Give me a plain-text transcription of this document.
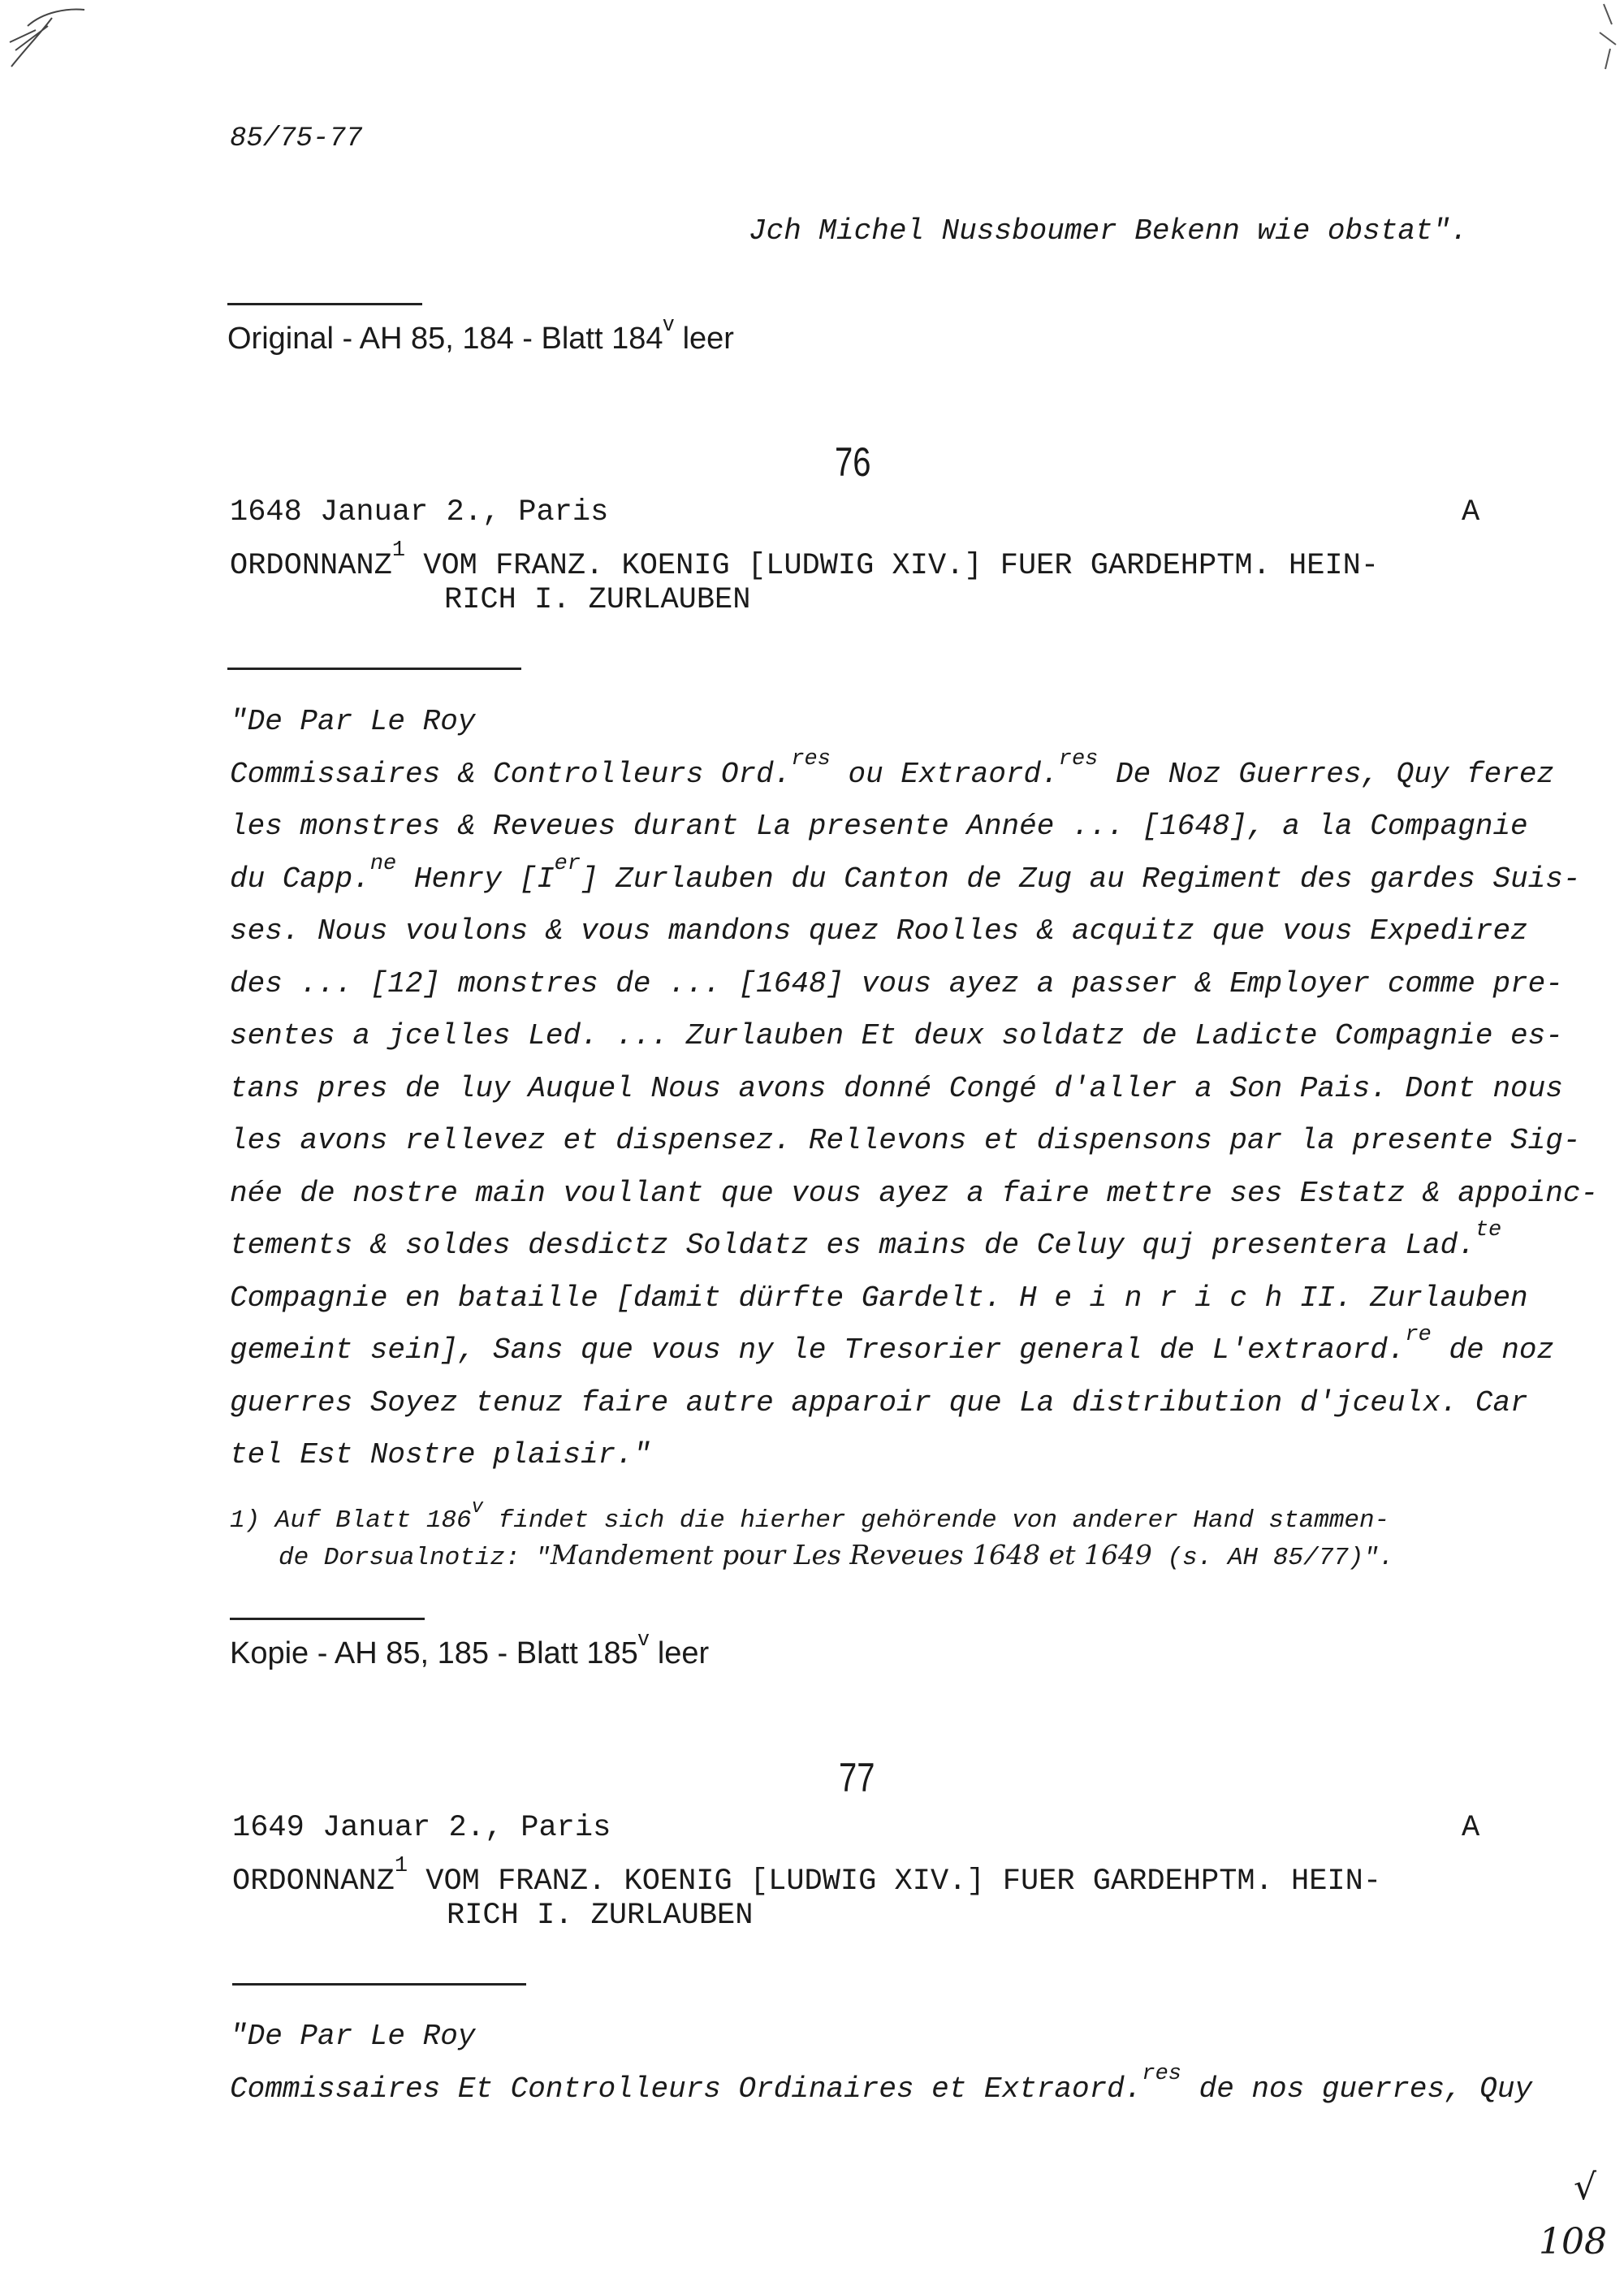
85/75-77
Jch Michel Nussboumer Bekenn wie obstat".
Original - AH 85, 184 - Blatt 184$^v$ leer
76
1648 Januar 2., Paris	A
ORDONNANZ$^1$ VOM FRANZ. KOENIG [LUDWIG XIV.] FUER GARDEHPTM. HEIN-
RICH I. ZURLAUBEN
"De Par Le Roy
Commissaires & Controlleurs Ord.$^{res}$ ou Extraord.$^{res}$ De Noz Guerres, Quy ferez
les monstres & Reveues durant La presente Année ... [1648], a la Compagnie
du Capp.$^{ne}$ Henry [Ier] Zurlauben du Canton de Zug au Regiment des gardes Suis-
ses. Nous voulons & vous mandons quez Roolles & acquitz que vous Expedirez
des ... [12] monstres de ... [1648] vous ayez a passer & Employer comme pre-
sentes a jcelles Led. ... Zurlauben Et deux soldatz de Ladicte Compagnie es-
tans pres de luy Auquel Nous avons donné Congé d'aller a Son Pais. Dont nous
les avons rellevez et dispensez. Rellevons et dispensons par la presente Sig-
née de nostre main voullant que vous ayez a faire mettre ses Estatz & appoinc-
tements & soldes desdictz Soldatz es mains de Celuy quj presentera Lad.$^{te}$
Compagnie en bataille [damit dürfte Gardelt. H e i n r i c h II. Zurlauben
gemeint sein], Sans que vous ny le Tresorier general de L'extraord.$^{re}$ de noz
guerres Soyez tenuz faire autre apparoir que La distribution d'jceulx. Car
tel Est Nostre plaisir."
1) Auf Blatt 186$^v$ findet sich die hierher gehörende von anderer Hand stammen-
de Dorsualnotiz: "Mandement pour Les Reveues 1648 et 1649 (s. AH 85/77)".
Kopie - AH 85, 185 - Blatt 185$^v$ leer
77
1649 Januar 2., Paris	A
ORDONNANZ$^1$ VOM FRANZ. KOENIG [LUDWIG XIV.] FUER GARDEHPTM. HEIN-
RICH I. ZURLAUBEN
"De Par Le Roy
Commissaires Et Controlleurs Ordinaires et Extraord.$^{res}$ de nos guerres, Quy
√
108
